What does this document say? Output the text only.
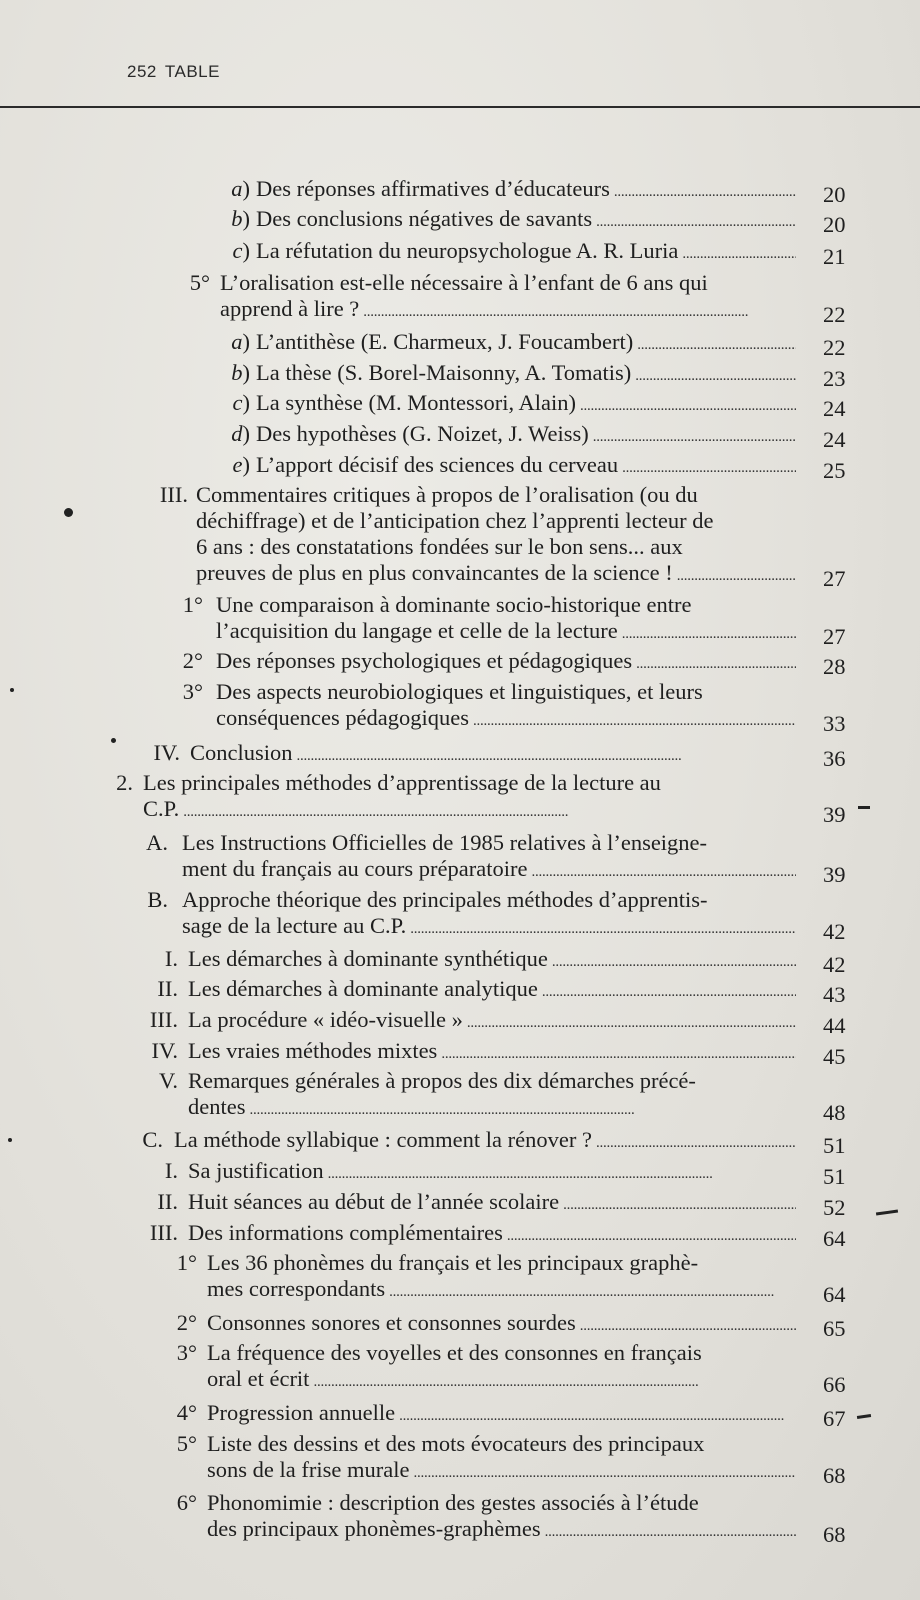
252 TABLE
a) Des réponses affirmatives d’éducateurs . . .	20
b) Des conclusions négatives de savants . . .	20
c) La réfutation du neuropsychologue A. R. Luria . . .	21
5° L’oralisation est-elle nécessaire à l’enfant de 6 ans qui
apprend à lire ? . . .	22
a) L’antithèse (E. Charmeux, J. Foucambert) . . .	22
b) La thèse (S. Borel-Maisonny, A. Tomatis) . . .	23
c) La synthèse (M. Montessori, Alain) . . .	24
d) Des hypothèses (G. Noizet, J. Weiss) . . .	24
e) L’apport décisif des sciences du cerveau . . .	25
III. Commentaires critiques à propos de l’oralisation (ou du
déchiffrage) et de l’anticipation chez l’apprenti lecteur de
6 ans : des constatations fondées sur le bon sens... aux
preuves de plus en plus convaincantes de la science ! . . .	27
1° Une comparaison à dominante socio-historique entre
l’acquisition du langage et celle de la lecture . . .	27
2° Des réponses psychologiques et pédagogiques . . .	28
3° Des aspects neurobiologiques et linguistiques, et leurs
conséquences pédagogiques . . .	33
IV. Conclusion . . .	36
2. Les principales méthodes d’apprentissage de la lecture au
C.P. . . .	39
A. Les Instructions Officielles de 1985 relatives à l’enseigne-
ment du français au cours préparatoire . . .	39
B. Approche théorique des principales méthodes d’apprentis-
sage de la lecture au C.P. . . .	42
I. Les démarches à dominante synthétique . . .	42
II. Les démarches à dominante analytique . . .	43
III. La procédure « idéo-visuelle » . . .	44
IV. Les vraies méthodes mixtes . . .	45
V. Remarques générales à propos des dix démarches précé-
dentes . . .	48
C. La méthode syllabique : comment la rénover ? . . .	51
I. Sa justification . . .	51
II. Huit séances au début de l’année scolaire . . .	52
III. Des informations complémentaires . . .	64
1° Les 36 phonèmes du français et les principaux graphè-
mes correspondants . . .	64
2° Consonnes sonores et consonnes sourdes . . .	65
3° La fréquence des voyelles et des consonnes en français
oral et écrit . . .	66
4° Progression annuelle . . .	67
5° Liste des dessins et des mots évocateurs des principaux
sons de la frise murale . . .	68
6° Phonomimie : description des gestes associés à l’étude
des principaux phonèmes-graphèmes . . .	68
